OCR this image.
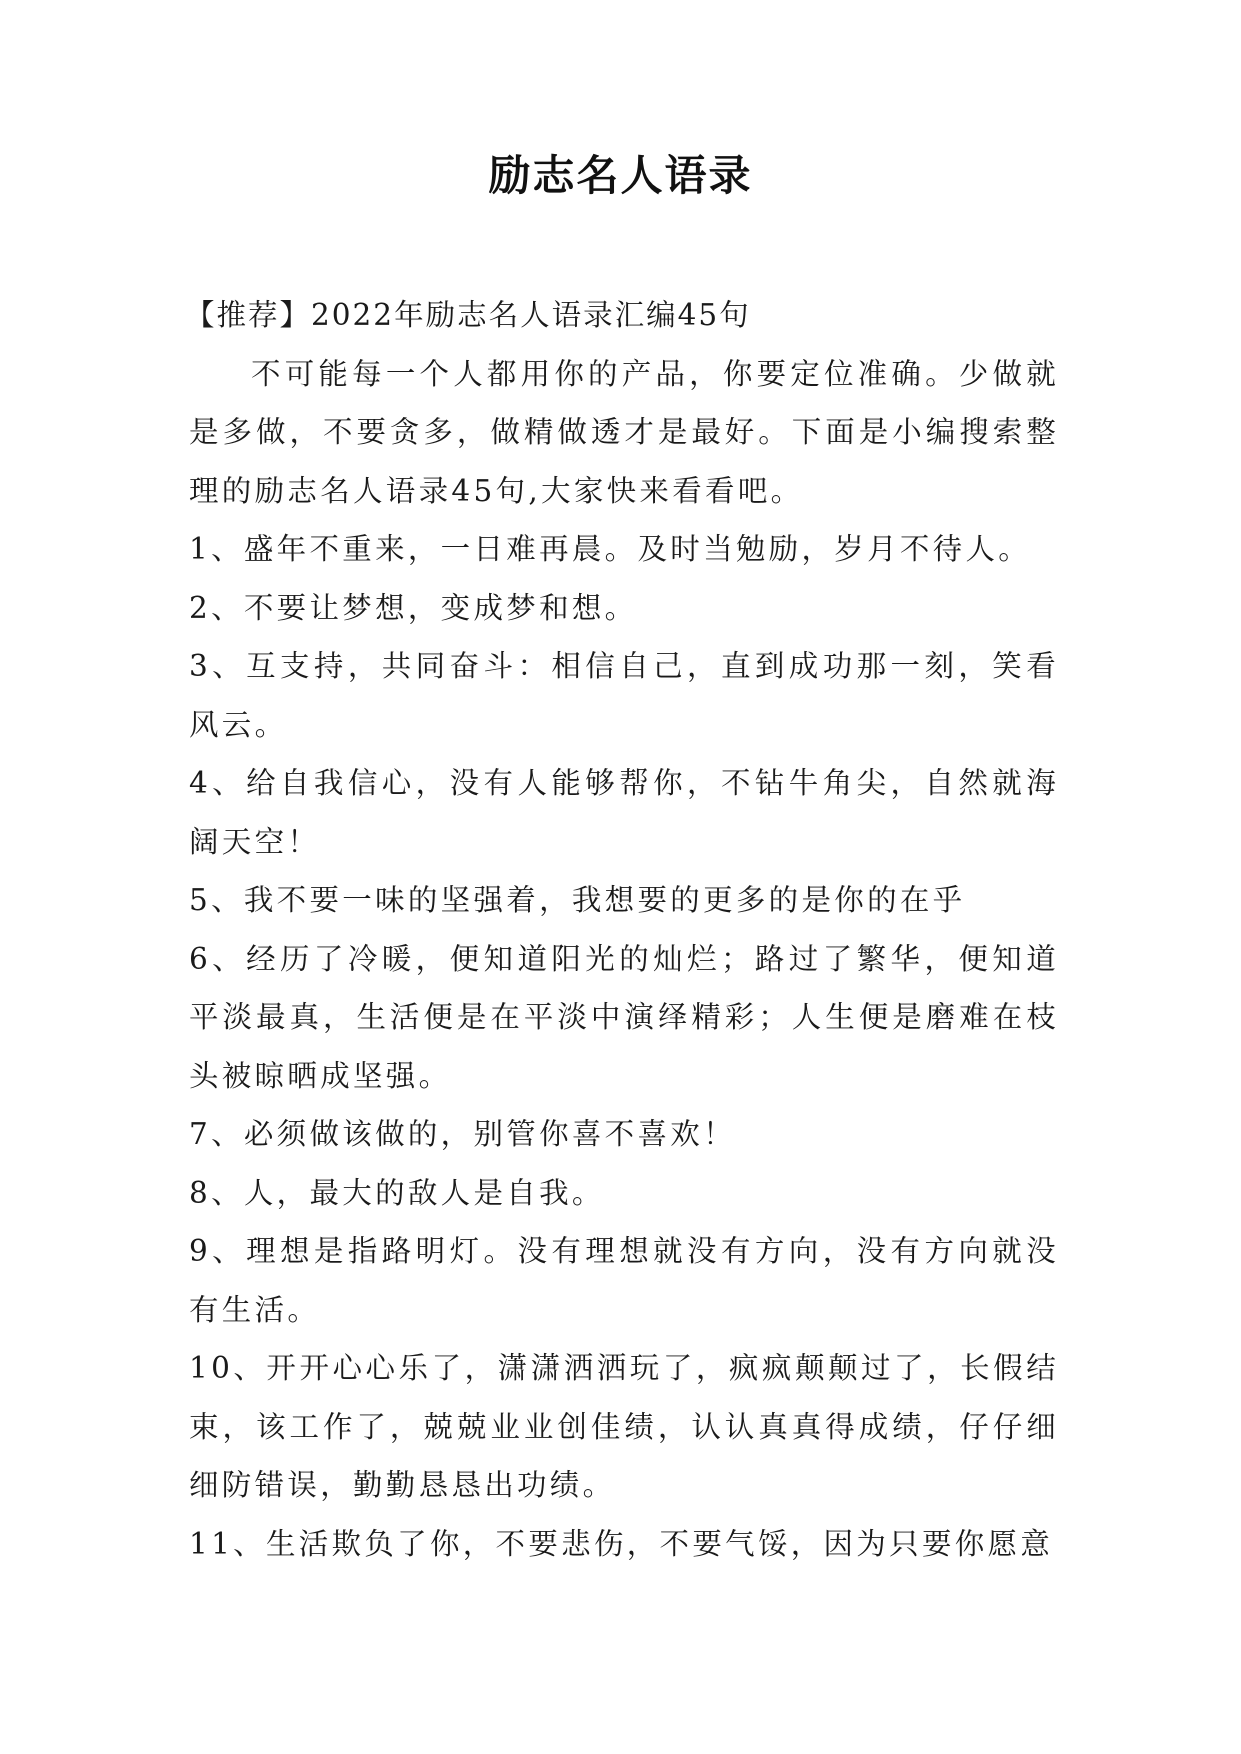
励志名人语录

【推荐】2022年励志名人语录汇编45句

不可能每一个人都用你的产品，你要定位准确。少做就是多做，不要贪多，做精做透才是最好。下面是小编搜索整理的励志名人语录45句,大家快来看看吧。

1、盛年不重来，一日难再晨。及时当勉励，岁月不待人。

2、不要让梦想，变成梦和想。

3、互支持，共同奋斗：相信自己，直到成功那一刻，笑看风云。

4、给自我信心，没有人能够帮你，不钻牛角尖，自然就海阔天空！

5、我不要一味的坚强着，我想要的更多的是你的在乎

6、经历了冷暖，便知道阳光的灿烂；路过了繁华，便知道平淡最真，生活便是在平淡中演绎精彩；人生便是磨难在枝头被晾晒成坚强。

7、必须做该做的，别管你喜不喜欢！

8、人，最大的敌人是自我。

9、理想是指路明灯。没有理想就没有方向，没有方向就没有生活。

10、开开心心乐了，潇潇洒洒玩了，疯疯颠颠过了，长假结束，该工作了，兢兢业业创佳绩，认认真真得成绩，仔仔细细防错误，勤勤恳恳出功绩。

11、生活欺负了你，不要悲伤，不要气馁，因为只要你愿意
